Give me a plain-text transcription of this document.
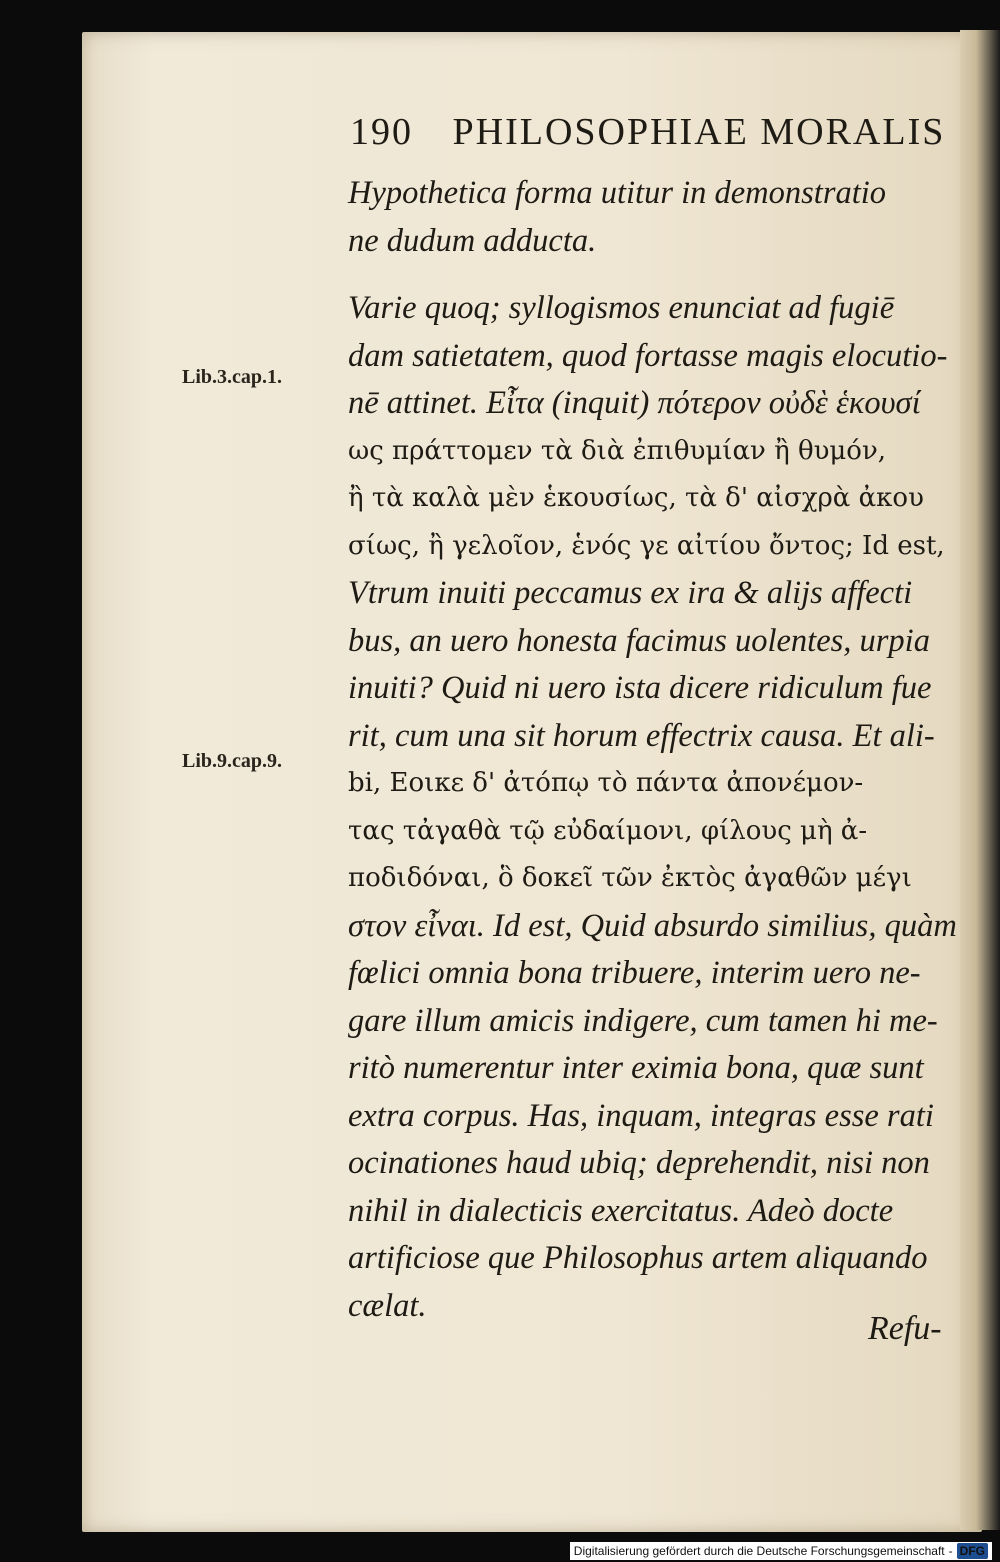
190 PHILOSOPHIAE MORALIS
Lib.3.cap.1.
Lib.9.cap.9.
Hypothetica forma utitur in demonstratio
ne dudum adducta.
Varie quoq; syllogismos enunciat ad fugiē
dam satietatem, quod fortasse magis elocutio-
nē attinet. Εἶτα (inquit) πότερον οὐδὲ ἑκουσί
ως πράττομεν τὰ διὰ ἐπιθυμίαν ἢ θυμόν,
ἢ τὰ καλὰ μὲν ἑκουσίως, τὰ δ' αἰσχρὰ ἀκου
σίως, ἢ γελοῖον, ἑνός γε αἰτίου ὄντος; Id est,
Vtrum inuiti peccamus ex ira & alijs affecti
bus, an uero honesta facimus uolentes, urpia
inuiti? Quid ni uero ista dicere ridiculum fue
rit, cum una sit horum effectrix causa. Et ali-
bi, Εοικε δ' ἀτόπῳ τὸ πάντα ἀπονέμον-
τας τἀγαθὰ τῷ εὐδαίμονι, φίλους μὴ ἀ-
ποδιδόναι, ὃ δοκεῖ τῶν ἐκτὸς ἀγαθῶν μέγι
στον εἶναι. Id est, Quid absurdo similius, quàm
fœlici omnia bona tribuere, interim uero ne-
gare illum amicis indigere, cum tamen hi me-
ritò numerentur inter eximia bona, quæ sunt
extra corpus. Has, inquam, integras esse rati
ocinationes haud ubiq; deprehendit, nisi non
nihil in dialecticis exercitatus. Adeò docte
artificiose que Philosophus artem aliquando
cælat.
Refu-
Digitalisierung gefördert durch die Deutsche Forschungsgemeinschaft - DFG
